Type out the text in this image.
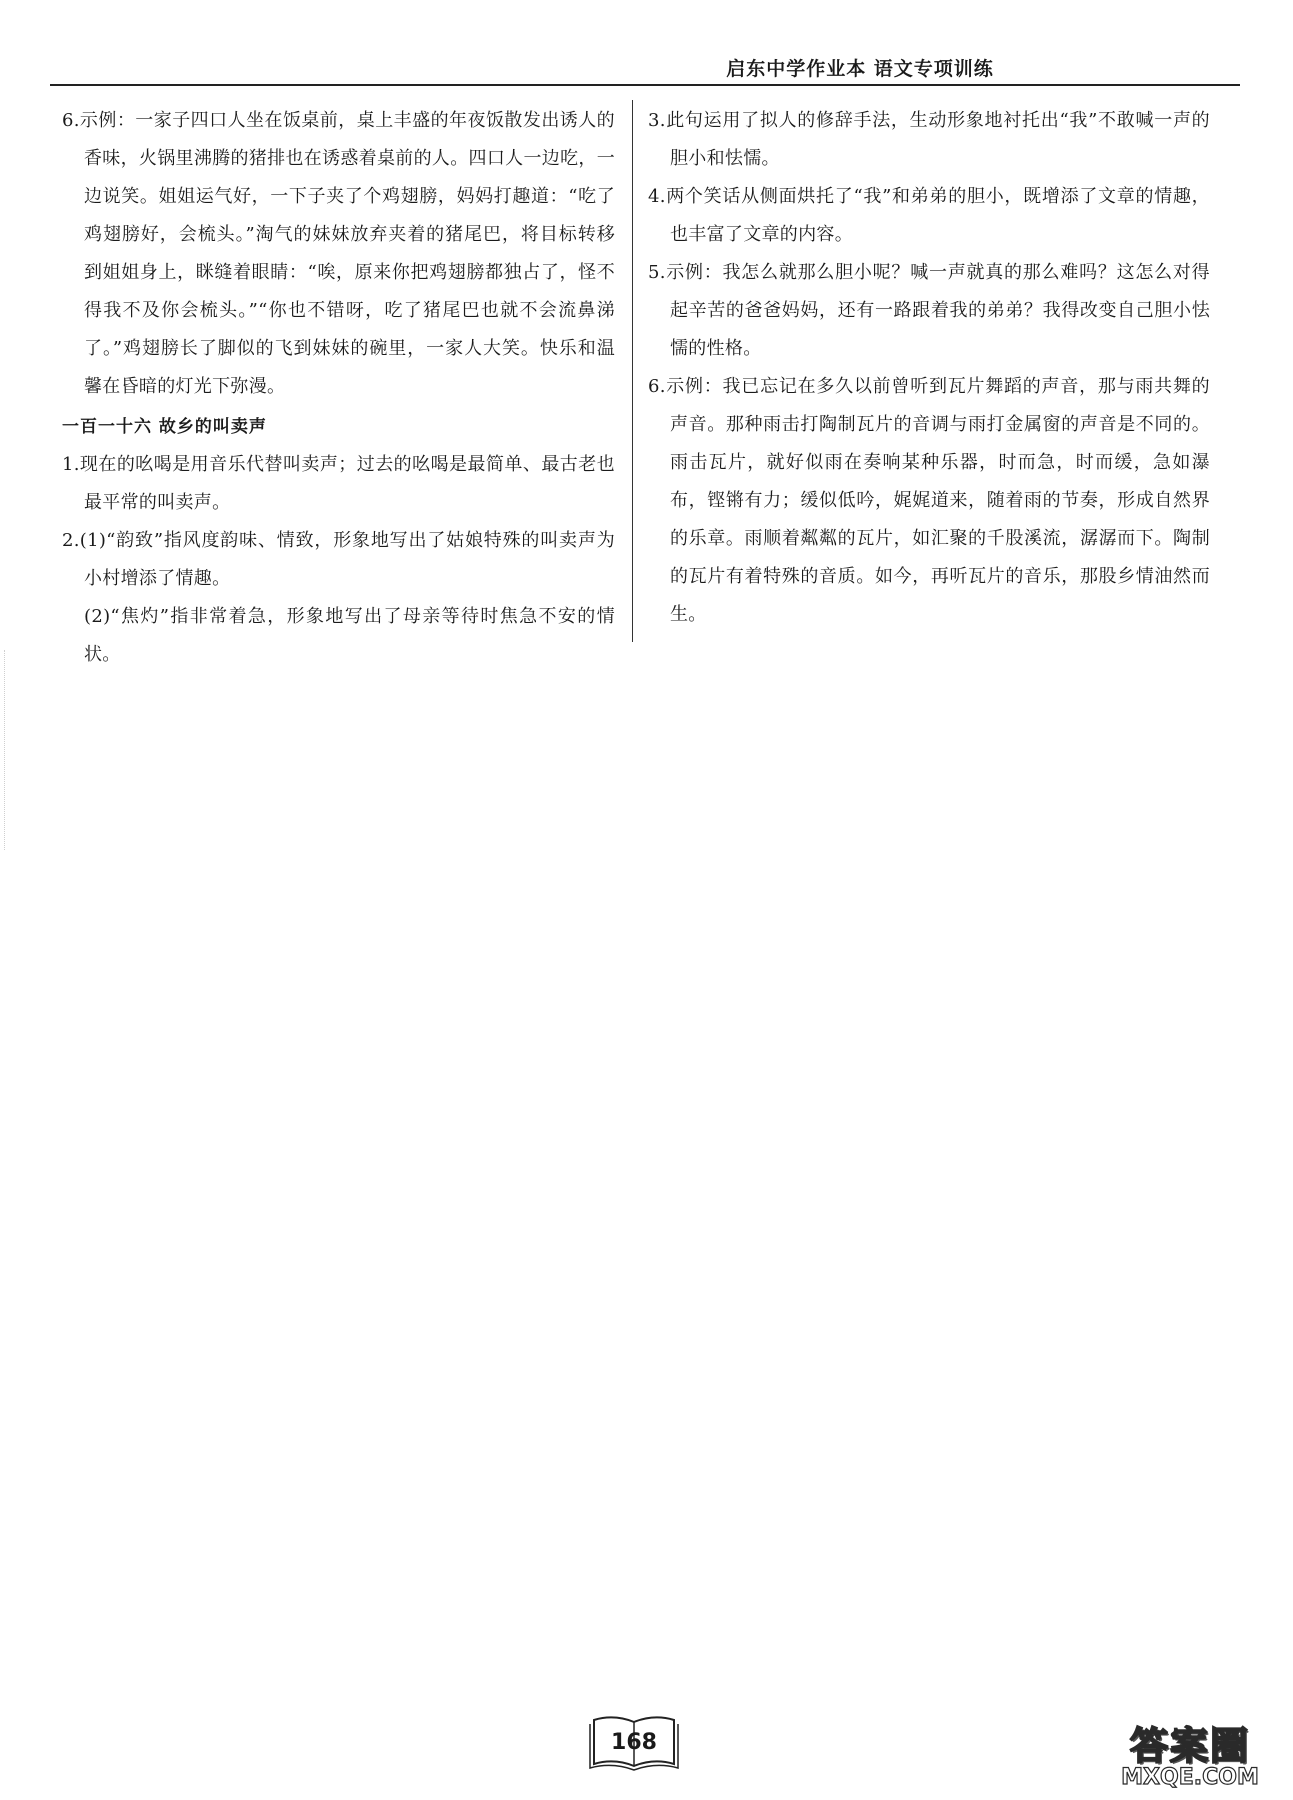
启东中学作业本 语文专项训练

6.示例：一家子四口人坐在饭桌前，桌上丰盛的年夜饭散发出诱人的香味，火锅里沸腾的猪排也在诱惑着桌前的人。四口人一边吃，一边说笑。姐姐运气好，一下子夹了个鸡翅膀，妈妈打趣道：“吃了鸡翅膀好，会梳头。”淘气的妹妹放弃夹着的猪尾巴，将目标转移到姐姐身上，眯缝着眼睛：“唉，原来你把鸡翅膀都独占了，怪不得我不及你会梳头。”“你也不错呀，吃了猪尾巴也就不会流鼻涕了。”鸡翅膀长了脚似的飞到妹妹的碗里，一家人大笑。快乐和温馨在昏暗的灯光下弥漫。

一百一十六 故乡的叫卖声

1.现在的吆喝是用音乐代替叫卖声；过去的吆喝是最简单、最古老也最平常的叫卖声。

2.(1)“韵致”指风度韵味、情致，形象地写出了姑娘特殊的叫卖声为小村增添了情趣。

(2)“焦灼”指非常着急，形象地写出了母亲等待时焦急不安的情状。

3.此句运用了拟人的修辞手法，生动形象地衬托出“我”不敢喊一声的胆小和怯懦。

4.两个笑话从侧面烘托了“我”和弟弟的胆小，既增添了文章的情趣，也丰富了文章的内容。

5.示例：我怎么就那么胆小呢？喊一声就真的那么难吗？这怎么对得起辛苦的爸爸妈妈，还有一路跟着我的弟弟？我得改变自己胆小怯懦的性格。

6.示例：我已忘记在多久以前曾听到瓦片舞蹈的声音，那与雨共舞的声音。那种雨击打陶制瓦片的音调与雨打金属窗的声音是不同的。雨击瓦片，就好似雨在奏响某种乐器，时而急，时而缓，急如瀑布，铿锵有力；缓似低吟，娓娓道来，随着雨的节奏，形成自然界的乐章。雨顺着粼粼的瓦片，如汇聚的千股溪流，潺潺而下。陶制的瓦片有着特殊的音质。如今，再听瓦片的音乐，那股乡情油然而生。

168	答案圈
MXQE.COM
